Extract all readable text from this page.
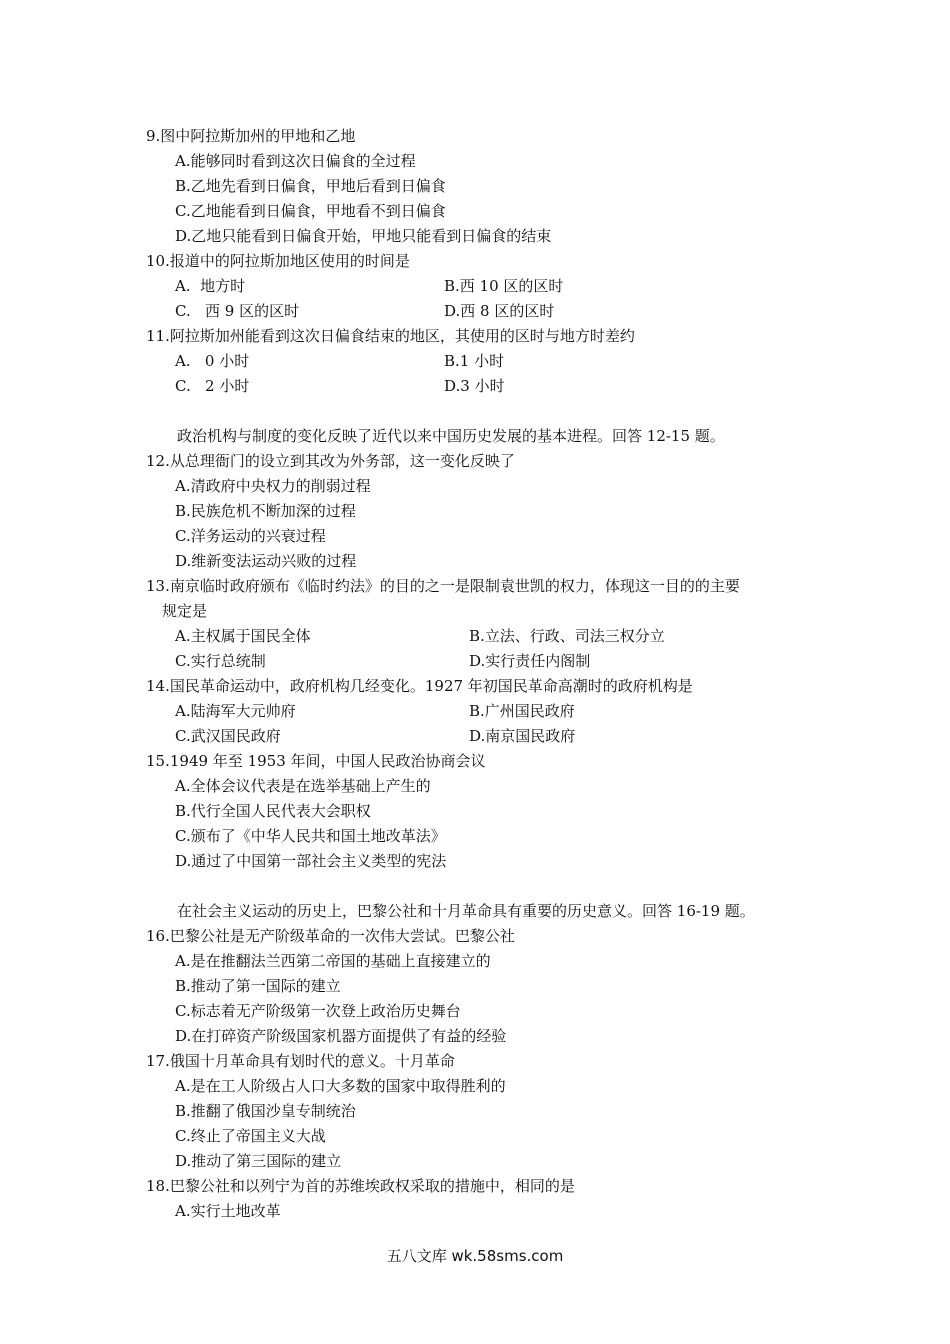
9.图中阿拉斯加州的甲地和乙地

A.能够同时看到这次日偏食的全过程

B.乙地先看到日偏食，甲地后看到日偏食

C.乙地能看到日偏食，甲地看不到日偏食

D.乙地只能看到日偏食开始，甲地只能看到日偏食的结束

10.报道中的阿拉斯加地区使用的时间是

A.  地方时	B.西 10 区的区时
C.   西 9 区的区时	D.西 8 区的区时

11.阿拉斯加州能看到这次日偏食结束的地区，其使用的区时与地方时差约

A.   0 小时	B.1 小时
C.   2 小时	D.3 小时

政治机构与制度的变化反映了近代以来中国历史发展的基本进程。回答 12-15 题。

12.从总理衙门的设立到其改为外务部，这一变化反映了

A.清政府中央权力的削弱过程

B.民族危机不断加深的过程

C.洋务运动的兴衰过程

D.维新变法运动兴败的过程

13.南京临时政府颁布《临时约法》的目的之一是限制袁世凯的权力，体现这一目的的主要

规定是

A.主权属于国民全体	B.立法、行政、司法三权分立
C.实行总统制	D.实行责任内阁制

14.国民革命运动中，政府机构几经变化。1927 年初国民革命高潮时的政府机构是

A.陆海军大元帅府	B.广州国民政府
C.武汉国民政府	D.南京国民政府

15.1949 年至 1953 年间，中国人民政治协商会议

A.全体会议代表是在选举基础上产生的

B.代行全国人民代表大会职权

C.颁布了《中华人民共和国土地改革法》

D.通过了中国第一部社会主义类型的宪法

在社会主义运动的历史上，巴黎公社和十月革命具有重要的历史意义。回答 16-19 题。

16.巴黎公社是无产阶级革命的一次伟大尝试。巴黎公社

A.是在推翻法兰西第二帝国的基础上直接建立的

B.推动了第一国际的建立

C.标志着无产阶级第一次登上政治历史舞台

D.在打碎资产阶级国家机器方面提供了有益的经验

17.俄国十月革命具有划时代的意义。十月革命

A.是在工人阶级占人口大多数的国家中取得胜利的

B.推翻了俄国沙皇专制统治

C.终止了帝国主义大战

D.推动了第三国际的建立

18.巴黎公社和以列宁为首的苏维埃政权采取的措施中，相同的是

A.实行土地改革

五八文库 wk.58sms.com
